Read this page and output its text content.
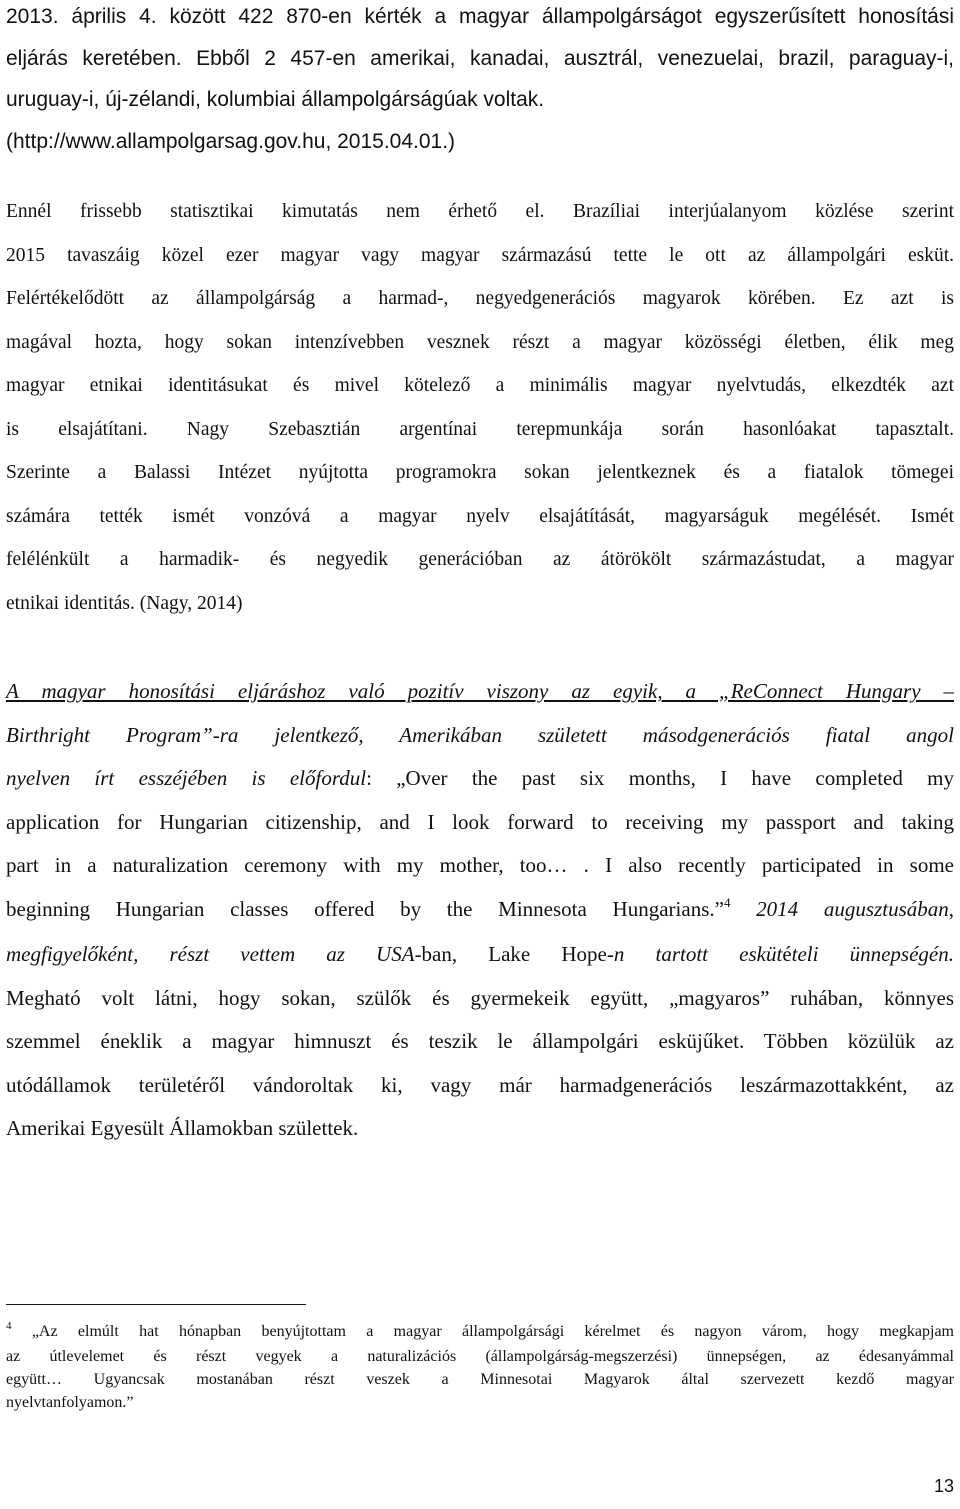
2013. április 4. között 422 870-en kérték a magyar állampolgárságot egyszerűsített honosítási
eljárás keretében. Ebből 2 457-en amerikai, kanadai, ausztrál, venezuelai, brazil, paraguay-i,
uruguay-i, új-zélandi, kolumbiai állampolgárságúak voltak.
(http://www.allampolgarsag.gov.hu, 2015.04.01.)
Ennél frissebb statisztikai kimutatás nem érhető el. Brazíliai interjúalanyom közlése szerint
2015 tavaszáig közel ezer magyar vagy magyar származású tette le ott az állampolgári esküt.
Felértékelődött az állampolgárság a harmad-, negyedgenerációs magyarok körében. Ez azt is
magával hozta, hogy sokan intenzívebben vesznek részt a magyar közösségi életben, élik meg
magyar etnikai identitásukat és mivel kötelező a minimális magyar nyelvtudás, elkezdték azt
is elsajátítani. Nagy Szebasztián argentínai terepmunkája során hasonlóakat tapasztalt.
Szerinte a Balassi Intézet nyújtotta programokra sokan jelentkeznek és a fiatalok tömegei
számára tették ismét vonzóvá a magyar nyelv elsajátítását, magyarságuk megélését. Ismét
felélénkült a harmadik- és negyedik generációban az átörökölt származástudat, a magyar
etnikai identitás. (Nagy, 2014)
A magyar honosítási eljáráshoz való pozitív viszony az egyik, a „ReConnect Hungary –
Birthright Program”-ra jelentkező, Amerikában született másodgenerációs fiatal angol
nyelven írt esszéjében is előfordul: „Over the past six months, I have completed my
application for Hungarian citizenship, and I look forward to receiving my passport and taking
part in a naturalization ceremony with my mother, too… . I also recently participated in some
beginning Hungarian classes offered by the Minnesota Hungarians.”$^4$ 2014 augusztusában,
megfigyelőként, részt vettem az USA-ban, Lake Hope-n tartott eskütételi ünnepségén.
Megható volt látni, hogy sokan, szülők és gyermekeik együtt, „magyaros” ruhában, könnyes
szemmel éneklik a magyar himnuszt és teszik le állampolgári esküjűket. Többen közülük az
utódállamok területéről vándoroltak ki, vagy már harmadgenerációs leszármazottakként, az
Amerikai Egyesült Államokban születtek.
$^4$ „Az elmúlt hat hónapban benyújtottam a magyar állampolgársági kérelmet és nagyon várom, hogy megkapjam
az útlevelemet és részt vegyek a naturalizációs (állampolgárság-megszerzési) ünnepségen, az édesanyámmal
együtt… Ugyancsak mostanában részt veszek a Minnesotai Magyarok által szervezett kezdő magyar
nyelvtanfolyamon.”
13
